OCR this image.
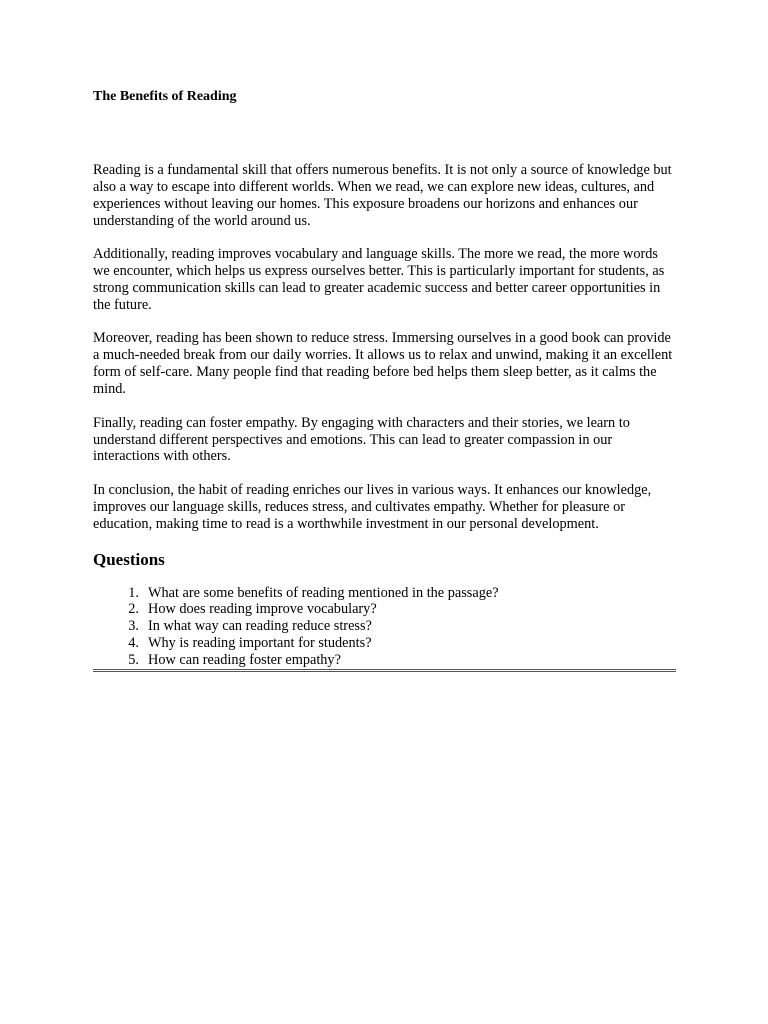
The Benefits of Reading

Reading is a fundamental skill that offers numerous benefits. It is not only a source of knowledge but also a way to escape into different worlds. When we read, we can explore new ideas, cultures, and experiences without leaving our homes. This exposure broadens our horizons and enhances our understanding of the world around us.

Additionally, reading improves vocabulary and language skills. The more we read, the more words we encounter, which helps us express ourselves better. This is particularly important for students, as strong communication skills can lead to greater academic success and better career opportunities in the future.

Moreover, reading has been shown to reduce stress. Immersing ourselves in a good book can provide a much-needed break from our daily worries. It allows us to relax and unwind, making it an excellent form of self-care. Many people find that reading before bed helps them sleep better, as it calms the mind.

Finally, reading can foster empathy. By engaging with characters and their stories, we learn to understand different perspectives and emotions. This can lead to greater compassion in our interactions with others.

In conclusion, the habit of reading enriches our lives in various ways. It enhances our knowledge, improves our language skills, reduces stress, and cultivates empathy. Whether for pleasure or education, making time to read is a worthwhile investment in our personal development.

Questions
1. What are some benefits of reading mentioned in the passage?
2. How does reading improve vocabulary?
3. In what way can reading reduce stress?
4. Why is reading important for students?
5. How can reading foster empathy?
